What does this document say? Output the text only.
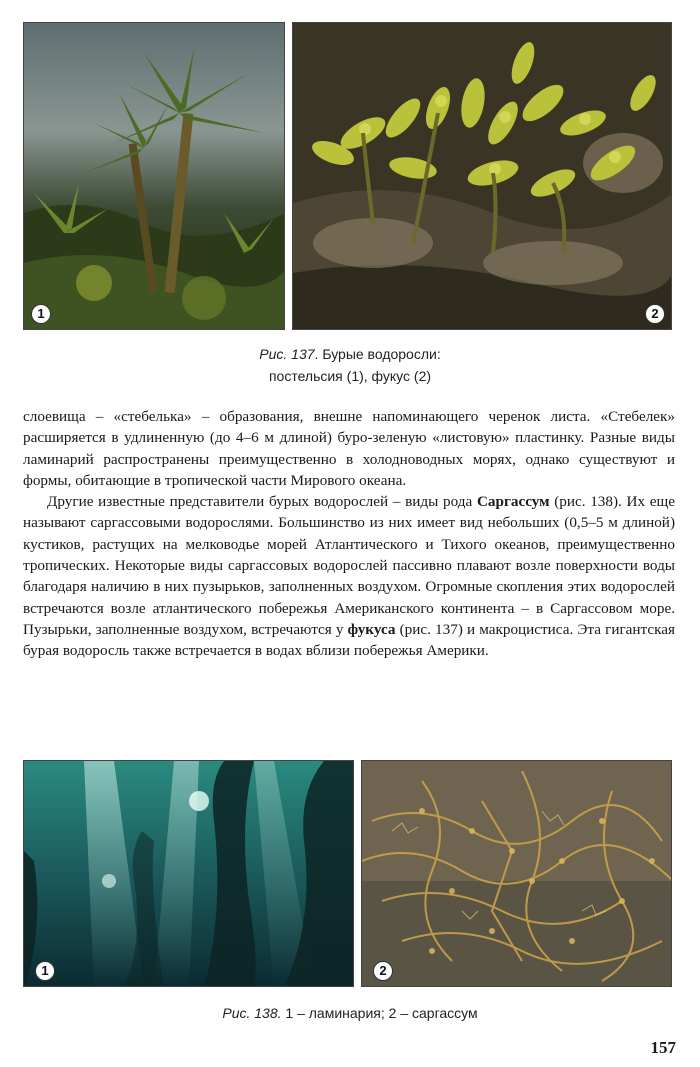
1	2
Рис. 137. Бурые водоросли:
постельсия (1), фукус (2)

слоевища – «стебелька» – образования, внешне напоминающего черенок листа. «Стебелек» расширяется в удлиненную (до 4–6 м длиной) буро-зеленую «листовую» пластинку. Разные виды ламинарий распространены преимущественно в холодноводных морях, однако существуют и формы, обитающие в тропической части Мирового океана.

Другие известные представители бурых водорослей – виды рода Саргассум (рис. 138). Их еще называют саргассовыми водорослями. Большинство из них имеет вид небольших (0,5–5 м длиной) кустиков, растущих на мелководье морей Атлантического и Тихого океанов, преимущественно тропических. Некоторые виды саргассовых водорослей пассивно плавают возле поверхности воды благодаря наличию в них пузырьков, заполненных воздухом. Огромные скопления этих водорослей встречаются возле атлантического побережья Американского континента – в Саргассовом море. Пузырьки, заполненные воздухом, встречаются у фукуса (рис. 137) и макроцистиса. Эта гигантская бурая водоросль также встречается в водах вблизи побережья Америки.

1	2
Рис. 138. 1 – ламинария; 2 – саргассум
157
